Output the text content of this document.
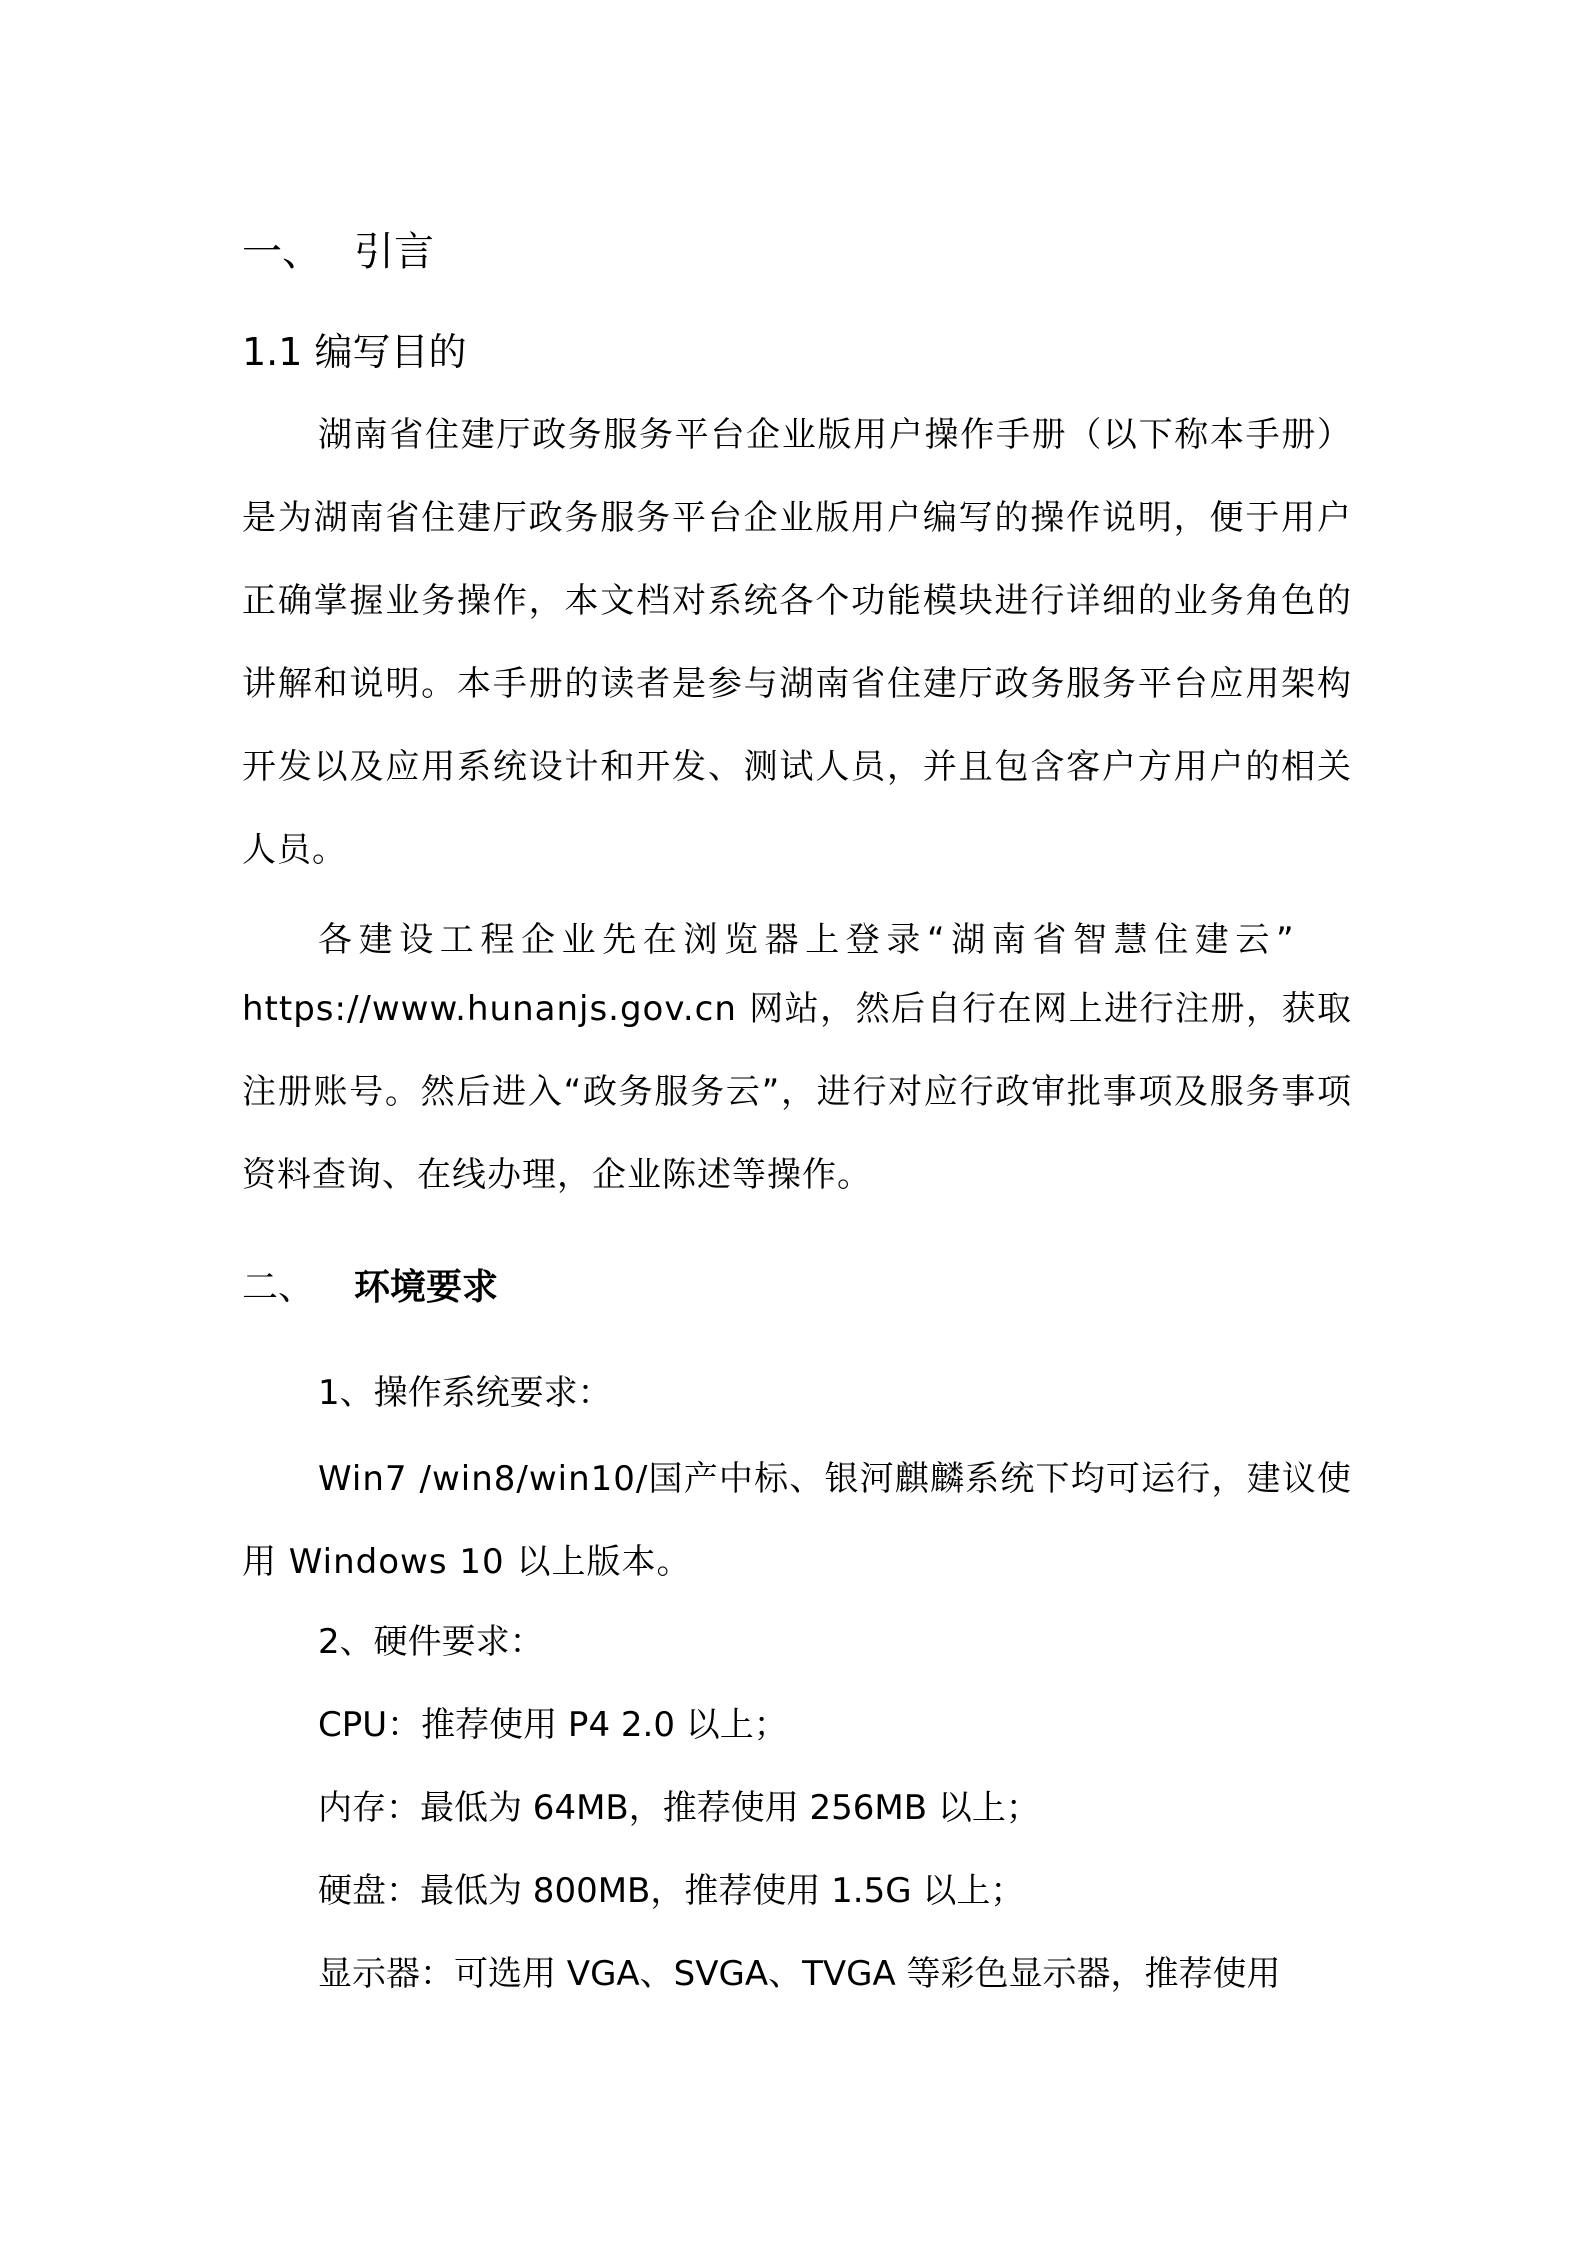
一、 引言
1.1 编写目的
湖南省住建厅政务服务平台企业版用户操作手册（以下称本手册）是为湖南省住建厅政务服务平台企业版用户编写的操作说明，便于用户正确掌握业务操作，本文档对系统各个功能模块进行详细的业务角色的讲解和说明。本手册的读者是参与湖南省住建厅政务服务平台应用架构开发以及应用系统设计和开发、测试人员，并且包含客户方用户的相关人员。
各建设工程企业先在浏览器上登录“湖南省智慧住建云”
https://www.hunanjs.gov.cn 网站，然后自行在网上进行注册，获取注册账号。然后进入“政务服务云”，进行对应行政审批事项及服务事项资料查询、在线办理，企业陈述等操作。
二、 环境要求
1、操作系统要求：
Win7 /win8/win10/国产中标、银河麒麟系统下均可运行，建议使用 Windows 10 以上版本。
2、硬件要求：
CPU：推荐使用 P4 2.0 以上；
内存：最低为 64MB，推荐使用 256MB 以上；
硬盘：最低为 800MB，推荐使用 1.5G 以上；
显示器：可选用 VGA、SVGA、TVGA 等彩色显示器，推荐使用
